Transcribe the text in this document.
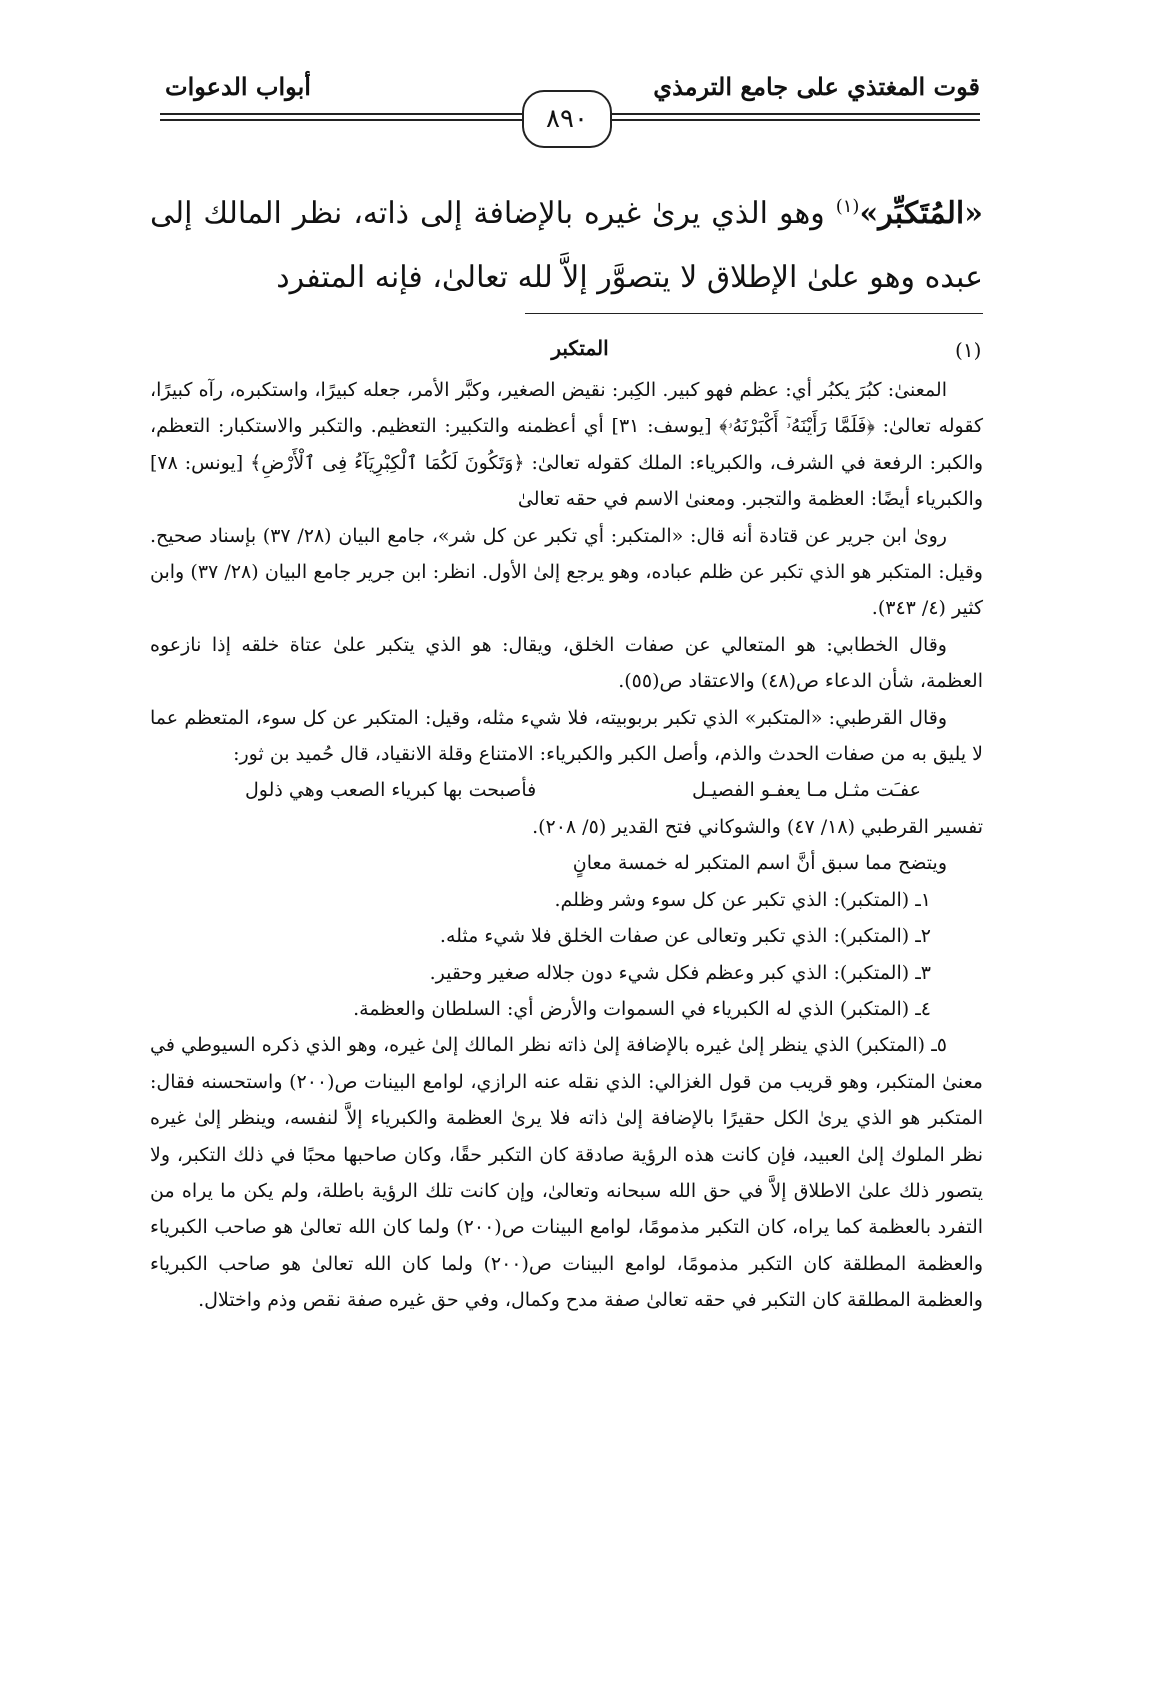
قوت المغتذي على جامع الترمذي
أبواب الدعوات
٨٩٠

«المُتَكبِّر»$^{(١)}$ وهو الذي يرىٰ غيره بالإضافة إلى ذاته، نظر المالك إلى عبده وهو علىٰ الإطلاق لا يتصوَّر إلاَّ لله تعالىٰ، فإنه المتفرد

(١)
المتكبر

المعنىٰ: كبُرَ يكبُر أي: عظم فهو كبير. الكِبر: نقيض الصغير، وكبَّر الأمر، جعله كبيرًا، واستكبره، رآه كبيرًا، كقوله تعالىٰ: ﴿فَلَمَّا رَأَيْنَهُۥٓ أَكْبَرْنَهُۥ﴾ [يوسف: ٣١] أي أعظمنه والتكبير: التعظيم. والتكبر والاستكبار: التعظم، والكبر: الرفعة في الشرف، والكبرياء: الملك كقوله تعالىٰ: ﴿وَتَكُونَ لَكُمَا ٱلْكِبْرِيَآءُ فِى ٱلْأَرْضِ﴾ [يونس: ٧٨] والكبرياء أيضًا: العظمة والتجبر. ومعنىٰ الاسم في حقه تعالىٰ

روىٰ ابن جرير عن قتادة أنه قال: «المتكبر: أي تكبر عن كل شر»، جامع البيان (٢٨/ ٣٧) بإسناد صحيح. وقيل: المتكبر هو الذي تكبر عن ظلم عباده، وهو يرجع إلىٰ الأول. انظر: ابن جرير جامع البيان (٢٨/ ٣٧) وابن كثير (٤/ ٣٤٣).

وقال الخطابي: هو المتعالي عن صفات الخلق، ويقال: هو الذي يتكبر علىٰ عتاة خلقه إذا نازعوه العظمة، شأن الدعاء ص(٤٨) والاعتقاد ص(٥٥).

وقال القرطبي: «المتكبر» الذي تكبر بربوبيته، فلا شيء مثله، وقيل: المتكبر عن كل سوء، المتعظم عما لا يليق به من صفات الحدث والذم، وأصل الكبر والكبرياء: الامتناع وقلة الانقياد، قال حُميد بن ثور:

عفـَت مثـل مـا يعفـو الفصيـل
فأصبحت بها كبرياء الصعب وهي ذلول

تفسير القرطبي (١٨/ ٤٧) والشوكاني فتح القدير (٥/ ٢٠٨).

ويتضح مما سبق أنَّ اسم المتكبر له خمسة معانٍ

١ـ (المتكبر): الذي تكبر عن كل سوء وشر وظلم.

٢ـ (المتكبر): الذي تكبر وتعالى عن صفات الخلق فلا شيء مثله.

٣ـ (المتكبر): الذي كبر وعظم فكل شيء دون جلاله صغير وحقير.

٤ـ (المتكبر) الذي له الكبرياء في السموات والأرض أي: السلطان والعظمة.

٥ـ (المتكبر) الذي ينظر إلىٰ غيره بالإضافة إلىٰ ذاته نظر المالك إلىٰ غيره، وهو الذي ذكره السيوطي في معنىٰ المتكبر، وهو قريب من قول الغزالي: الذي نقله عنه الرازي، لوامع البينات ص(٢٠٠) واستحسنه فقال: المتكبر هو الذي يرىٰ الكل حقيرًا بالإضافة إلىٰ ذاته فلا يرىٰ العظمة والكبرياء إلاَّ لنفسه، وينظر إلىٰ غيره نظر الملوك إلىٰ العبيد، فإن كانت هذه الرؤية صادقة كان التكبر حقًا، وكان صاحبها محبًا في ذلك التكبر، ولا يتصور ذلك علىٰ الاطلاق إلاَّ في حق الله سبحانه وتعالىٰ، وإن كانت تلك الرؤية باطلة، ولم يكن ما يراه من التفرد بالعظمة كما يراه، كان التكبر مذمومًا، لوامع البينات ص(٢٠٠) ولما كان الله تعالىٰ هو صاحب الكبرياء والعظمة المطلقة كان التكبر مذمومًا، لوامع البينات ص(٢٠٠) ولما كان الله تعالىٰ هو صاحب الكبرياء والعظمة المطلقة كان التكبر في حقه تعالىٰ صفة مدح وكمال، وفي حق غيره صفة نقص وذم واختلال.
